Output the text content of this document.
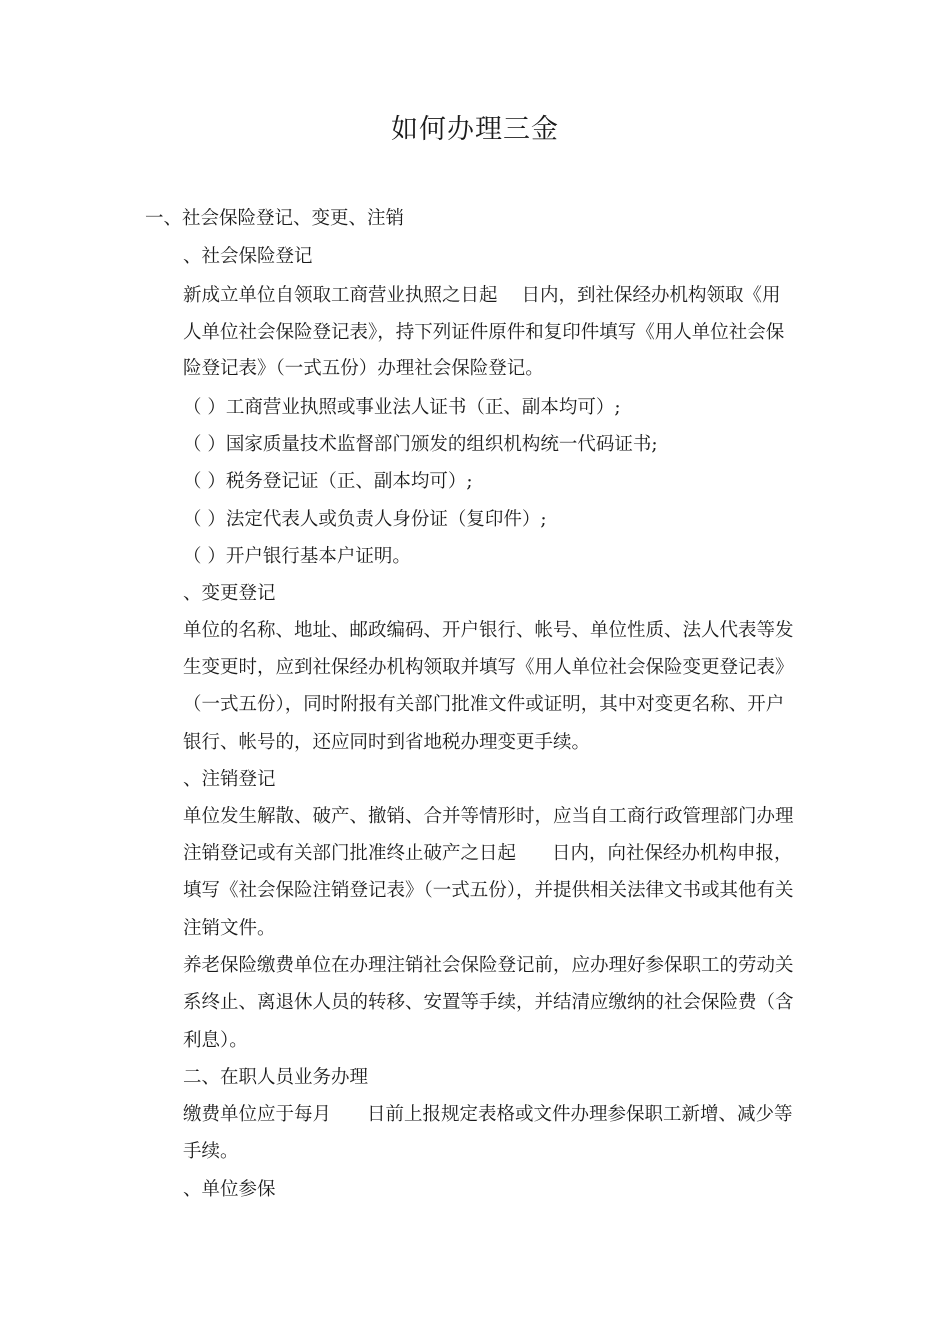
如何办理三金
一、社会保险登记、变更、注销
、社会保险登记
新成立单位自领取工商营业执照之日起 日内，到社保经办机构领取《用
人单位社会保险登记表》，持下列证件原件和复印件填写《用人单位社会保
险登记表》（一式五份）办理社会保险登记。
（ ）工商营业执照或事业法人证书（正、副本均可）;
（ ）国家质量技术监督部门颁发的组织机构统一代码证书;
（ ）税务登记证（正、副本均可）;
（ ）法定代表人或负责人身份证（复印件）;
（ ）开户银行基本户证明。
、变更登记
单位的名称、地址、邮政编码、开户银行、帐号、单位性质、法人代表等发
生变更时，应到社保经办机构领取并填写《用人单位社会保险变更登记表》
（一式五份），同时附报有关部门批准文件或证明，其中对变更名称、开户
银行、帐号的，还应同时到省地税办理变更手续。
、注销登记
单位发生解散、破产、撤销、合并等情形时，应当自工商行政管理部门办理
注销登记或有关部门批准终止破产之日起 日内，向社保经办机构申报，
填写《社会保险注销登记表》（一式五份），并提供相关法律文书或其他有关
注销文件。
养老保险缴费单位在办理注销社会保险登记前，应办理好参保职工的劳动关
系终止、离退休人员的转移、安置等手续，并结清应缴纳的社会保险费（含
利息）。
二、在职人员业务办理
缴费单位应于每月 日前上报规定表格或文件办理参保职工新增、减少等
手续。
、单位参保
